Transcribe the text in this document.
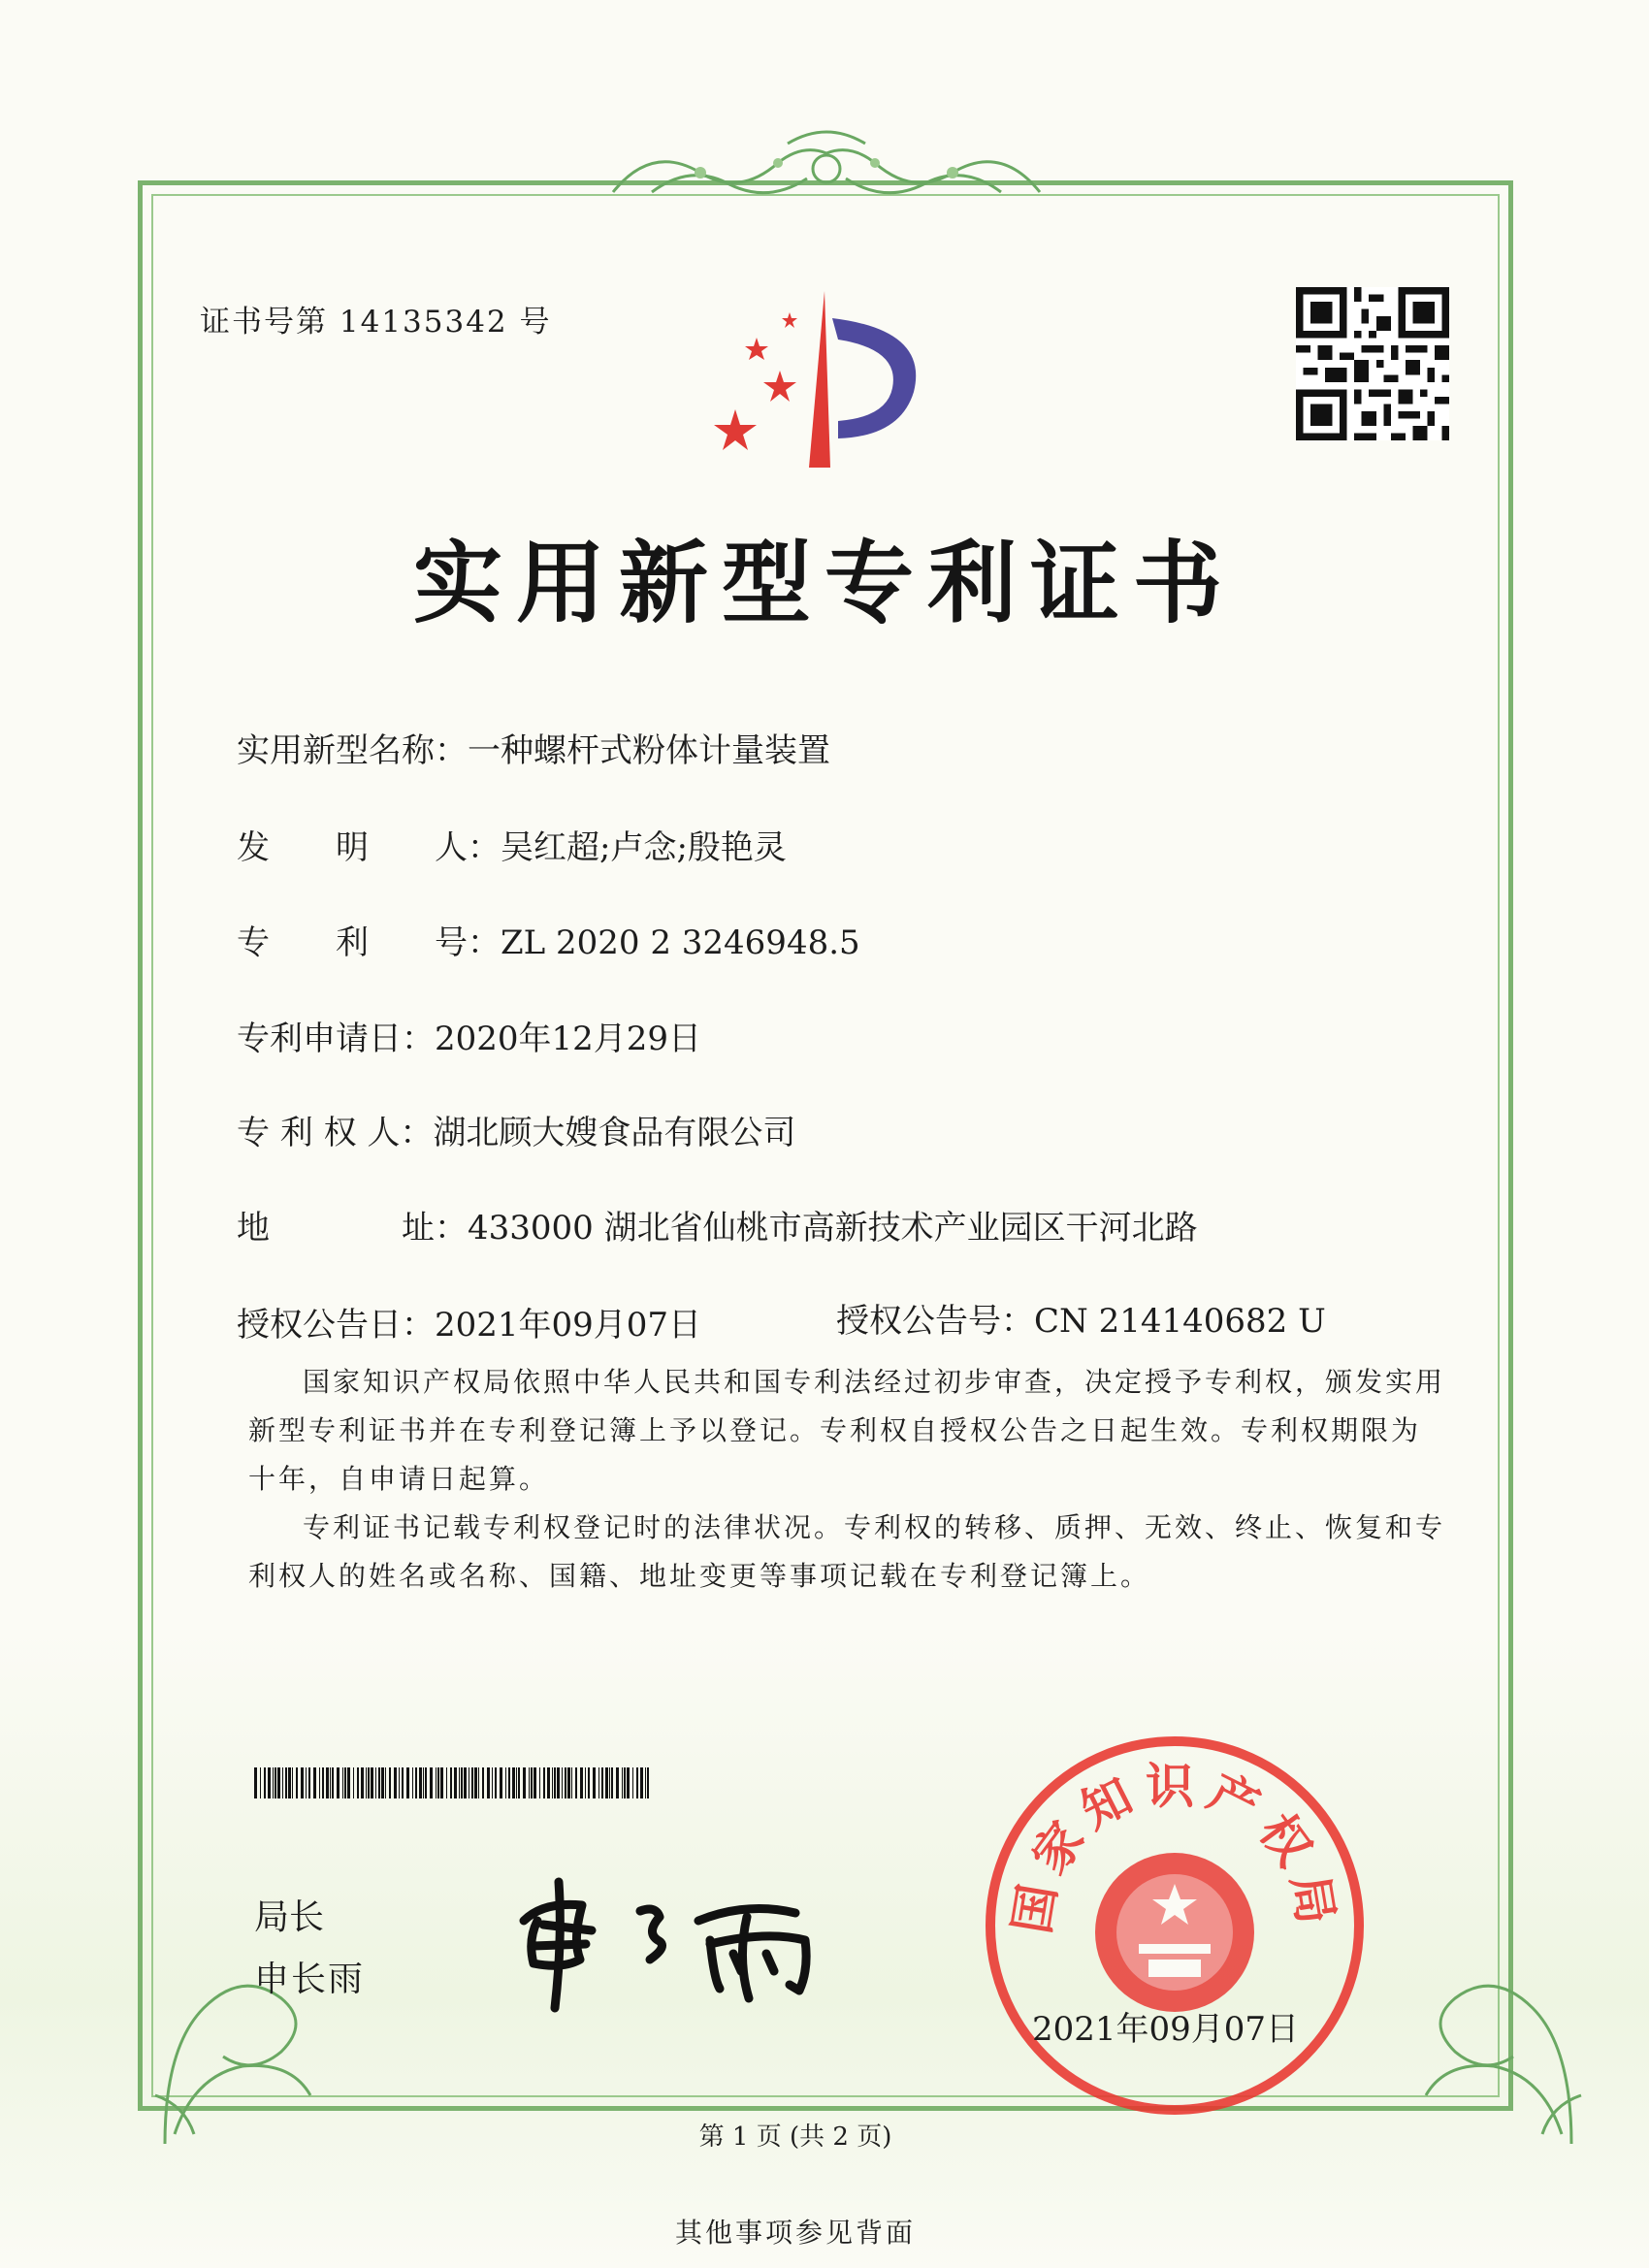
证书号第 14135342 号
实用新型专利证书
实用新型名称：一种螺杆式粉体计量装置
发　　明　　人：吴红超;卢念;殷艳灵
专　　利　　号：ZL 2020 2 3246948.5
专利申请日：2020年12月29日
专 利 权 人：湖北顾大嫂食品有限公司
地　　　　址：433000 湖北省仙桃市高新技术产业园区干河北路
授权公告日：2021年09月07日	授权公告号：CN 214140682 U

国家知识产权局依照中华人民共和国专利法经过初步审查，决定授予专利权，颁发实用新型专利证书并在专利登记簿上予以登记。专利权自授权公告之日起生效。专利权期限为十年，自申请日起算。

专利证书记载专利权登记时的法律状况。专利权的转移、质押、无效、终止、恢复和专利权人的姓名或名称、国籍、地址变更等事项记载在专利登记簿上。

局长
申长雨
国家知识产权局
2021年09月07日
第 1 页 (共 2 页)
其他事项参见背面
